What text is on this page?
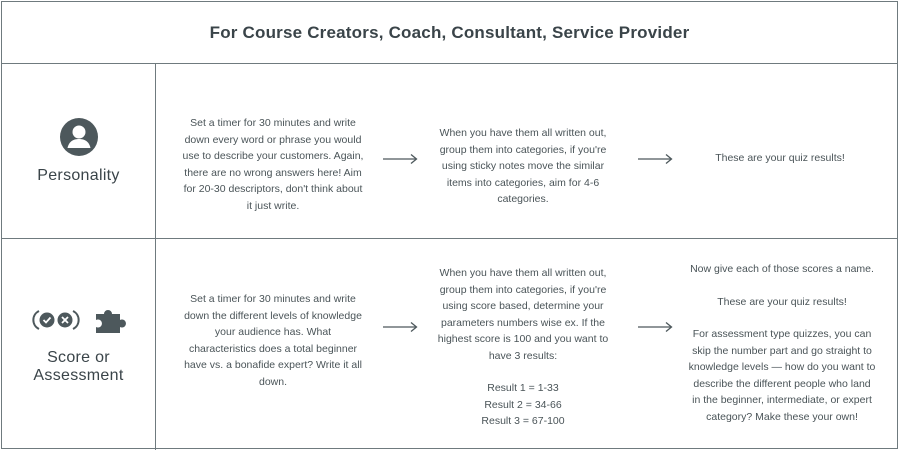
For Course Creators, Coach, Consultant, Service Provider
Personality
Set a timer for 30 minutes and write down every word or phrase you would use to describe your customers. Again, there are no wrong answers here! Aim for 20-30 descriptors, don't think about it just write.
When you have them all written out, group them into categories, if you're using sticky notes move the similar items into categories, aim for 4-6 categories.
These are your quiz results!
Score or
Assessment
Set a timer for 30 minutes and write down the different levels of knowledge your audience has. What characteristics does a total beginner have vs. a bonafide expert? Write it all down.
When you have them all written out, group them into categories, if you're using score based, determine your parameters numbers wise ex. If the highest score is 100 and you want to have 3 results:
Result 1 = 1-33
Result 2 = 34-66
Result 3 = 67-100
Now give each of those scores a name.
These are your quiz results!
For assessment type quizzes, you can skip the number part and go straight to knowledge levels — how do you want to describe the different people who land in the beginner, intermediate, or expert category? Make these your own!
